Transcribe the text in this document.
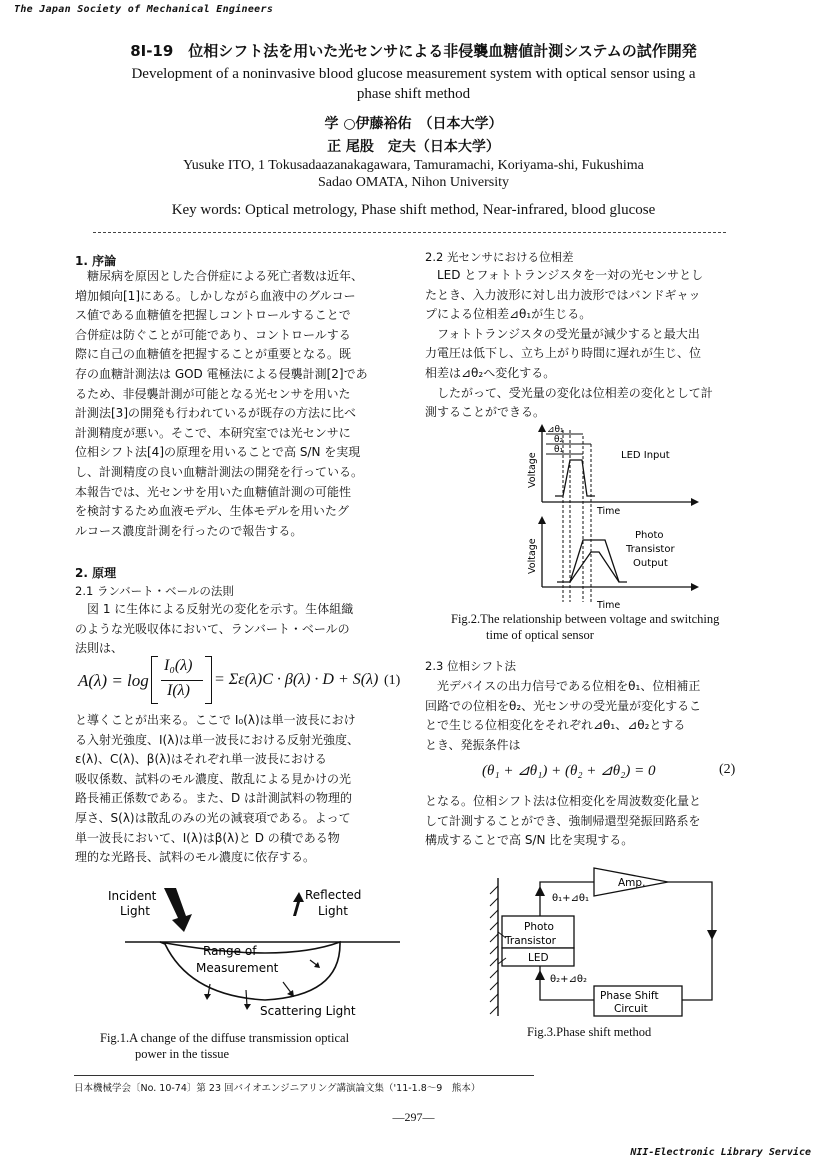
The Japan Society of Mechanical Engineers
8I-19　位相シフト法を用いた光センサによる非侵襲血糖値計測システムの試作開発
Development of a noninvasive blood glucose measurement system with optical sensor using a
phase shift method
学 ○伊藤裕佑　（日本大学）
正 尾股　定夫（日本大学）
Yusuke ITO, 1 Tokusadaazanakagawara, Tamuramachi, Koriyama-shi, Fukushima
Sadao OMATA, Nihon University
Key words: Optical metrology, Phase shift method, Near-infrared, blood glucose
1. 序論
　糖尿病を原因とした合併症による死亡者数は近年、
増加傾向[1]にある。しかしながら血液中のグルコー
ス値である血糖値を把握しコントロールすることで
合併症は防ぐことが可能であり、コントロールする
際に自己の血糖値を把握することが重要となる。既
存の血糖計測法は GOD 電極法による侵襲計測[2]であ
るため、非侵襲計測が可能となる光センサを用いた
計測法[3]の開発も行われているが既存の方法に比べ
計測精度が悪い。そこで、本研究室では光センサに
位相シフト法[4]の原理を用いることで高 S/N を実現
し、計測精度の良い血糖計測法の開発を行っている。
本報告では、光センサを用いた血糖値計測の可能性
を検討するため血液モデル、生体モデルを用いたグ
ルコース濃度計測を行ったので報告する。
2. 原理
2.1 ランバート・ベールの法則
　図 1 に生体による反射光の変化を示す。生体組織
のような光吸収体において、ランバート・ベールの
法則は、
A(λ) = log
I₀(λ)
I(λ)
= Σε(λ)C · β(λ) · D + S(λ) (1)
と導くことが出来る。ここで I₀(λ)は単一波長におけ
る入射光強度、I(λ)は単一波長における反射光強度、
ε(λ)、C(λ)、β(λ)はそれぞれ単一波長における
吸収係数、試料のモル濃度、散乱による見かけの光
路長補正係数である。また、D は計測試料の物理的
厚さ、S(λ)は散乱のみの光の減衰項である。よって
単一波長において、I(λ)はβ(λ)と D の積である物
理的な光路長、試料のモル濃度に依存する。
Incident
Light
Reflected
Light
Range of
Measurement
Scattering Light
Fig.1.A change of the diffuse transmission optical
power in the tissue
2.2 光センサにおける位相差
　LED とフォトトランジスタを一対の光センサとし
たとき、入力波形に対し出力波形ではバンドギャッ
プによる位相差⊿θ₁が生じる。
　フォトトランジスタの受光量が減少すると最大出
力電圧は低下し、立ち上がり時間に遅れが生じ、位
相差は⊿θ₂へ変化する。
　したがって、受光量の変化は位相差の変化として計
測することができる。
Voltage
⊿θ₁
θ₂
θ₁	LED Input
Time
Voltage
Photo
Transistor
Output
Time
Fig.2.The relationship between voltage and switching
time of optical sensor
2.3 位相シフト法
　光デバイスの出力信号である位相をθ₁、位相補正
回路での位相をθ₂、光センサの受光量が変化するこ
とで生じる位相変化をそれぞれ⊿θ₁、⊿θ₂とする
とき、発振条件は
(θ₁ + ⊿θ₁) + (θ₂ + ⊿θ₂) = 0	(2)
となる。位相シフト法は位相変化を周波数変化量と
して計測することができ、強制帰還型発振回路系を
構成することで高 S/N 比を実現する。
Amp.
θ₁+⊿θ₁
Photo
Transistor
LED
θ₂+⊿θ₂
Phase Shift
Circuit
Fig.3.Phase shift method
日本機械学会〔No. 10-74〕第 23 回バイオエンジニアリング講演論文集（'11-1.8〜9　熊本）
―297―
NII-Electronic Library Service
